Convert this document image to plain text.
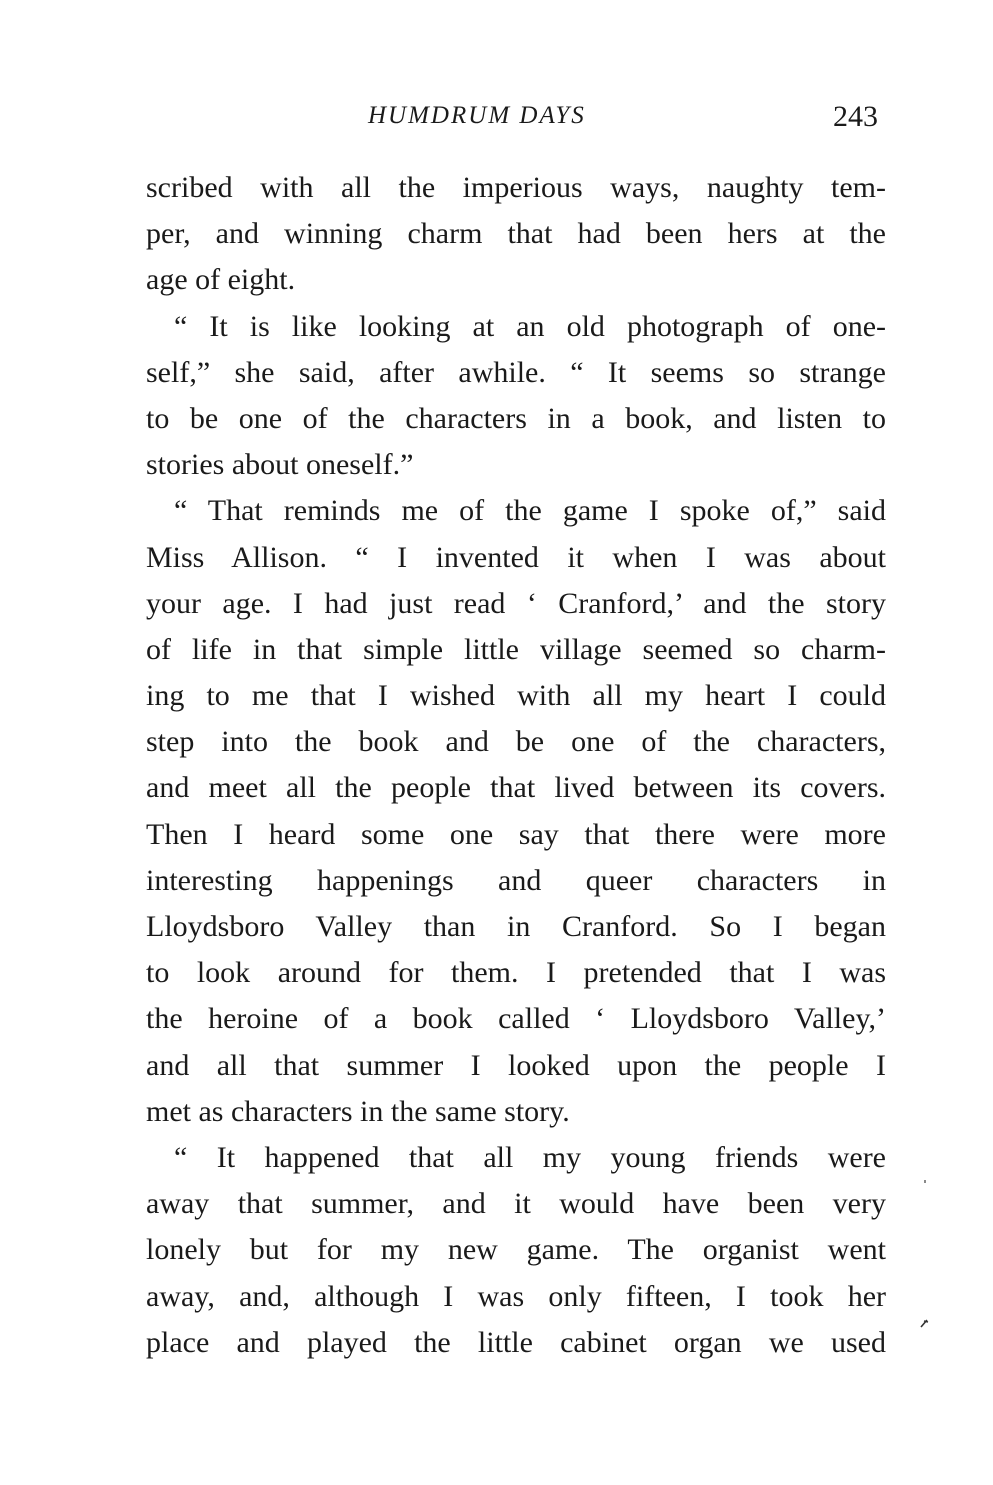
HUMDRUM DAYS	243
scribed with all the imperious ways, naughty tem-
per, and winning charm that had been hers at the
age of eight.
“ It is like looking at an old photograph of one-
self,” she said, after awhile. “ It seems so strange
to be one of the characters in a book, and listen to
stories about oneself.”
“ That reminds me of the game I spoke of,” said
Miss Allison. “ I invented it when I was about
your age. I had just read ‘ Cranford,’ and the story
of life in that simple little village seemed so charm-
ing to me that I wished with all my heart I could
step into the book and be one of the characters,
and meet all the people that lived between its covers.
Then I heard some one say that there were more
interesting happenings and queer characters in
Lloydsboro Valley than in Cranford. So I began
to look around for them. I pretended that I was
the heroine of a book called ‘ Lloydsboro Valley,’
and all that summer I looked upon the people I
met as characters in the same story.
“ It happened that all my young friends were
away that summer, and it would have been very
lonely but for my new game. The organist went
away, and, although I was only fifteen, I took her
place and played the little cabinet organ we used
